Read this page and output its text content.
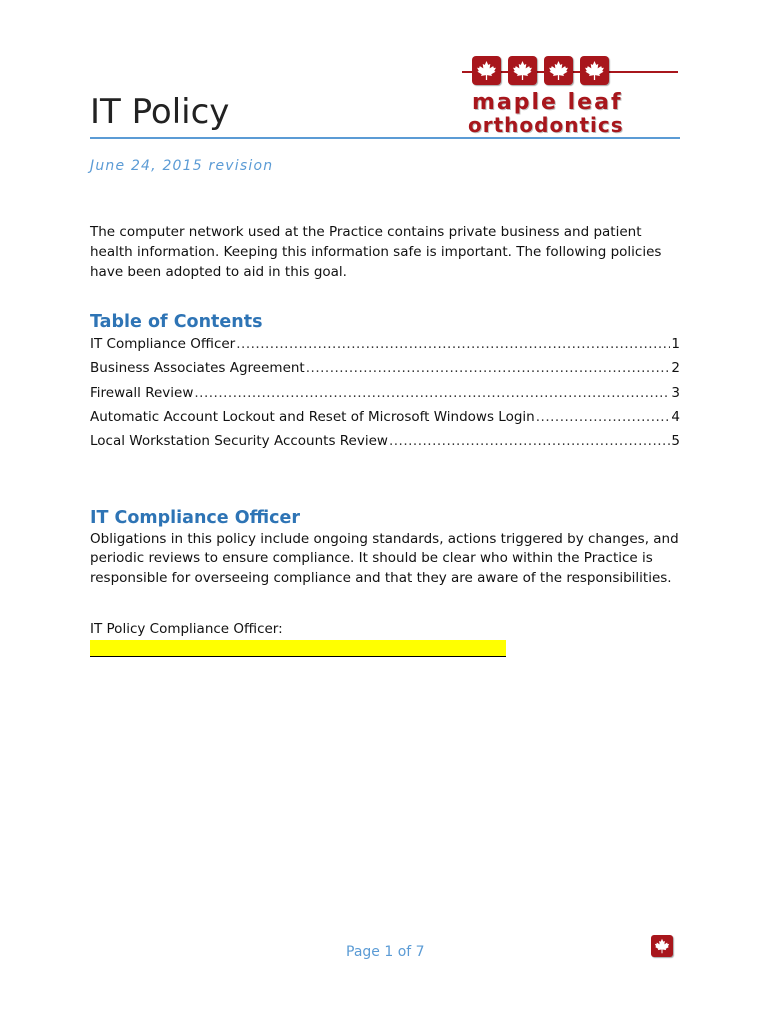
maple leaf
orthodontics
IT Policy
June 24, 2015 revision

The computer network used at the Practice contains private business and patient health information. Keeping this information safe is important. The following policies have been adopted to aid in this goal.

Table of Contents
IT Compliance Officer .....	1
Business Associates Agreement .....	2
Firewall Review .....	3
Automatic Account Lockout and Reset of Microsoft Windows Login .....	4
Local Workstation Security Accounts Review .....	5
IT Compliance Officer

Obligations in this policy include ongoing standards, actions triggered by changes, and periodic reviews to ensure compliance. It should be clear who within the Practice is responsible for overseeing compliance and that they are aware of the responsibilities.

IT Policy Compliance Officer:
Page 1 of 7
